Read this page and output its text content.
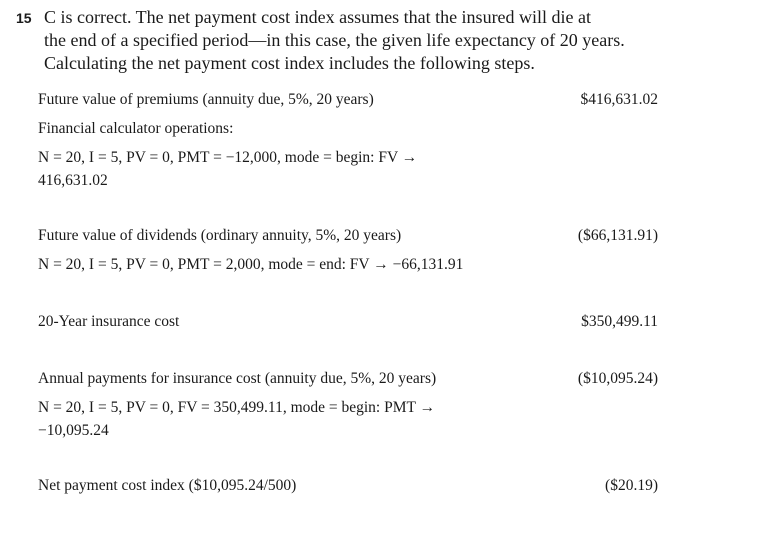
15 C is correct. The net payment cost index assumes that the insured will die at
the end of a specified period—in this case, the given life expectancy of 20 years.
Calculating the net payment cost index includes the following steps.
Future value of premiums (annuity due, 5%, 20 years)	$416,631.02
Financial calculator operations:
N = 20, I = 5, PV = 0, PMT = −12,000, mode = begin: FV →
416,631.02
Future value of dividends (ordinary annuity, 5%, 20 years)	($66,131.91)
N = 20, I = 5, PV = 0, PMT = 2,000, mode = end: FV → −66,131.91
20-Year insurance cost	$350,499.11
Annual payments for insurance cost (annuity due, 5%, 20 years)	($10,095.24)
N = 20, I = 5, PV = 0, FV = 350,499.11, mode = begin: PMT →
−10,095.24
Net payment cost index ($10,095.24/500)	($20.19)
